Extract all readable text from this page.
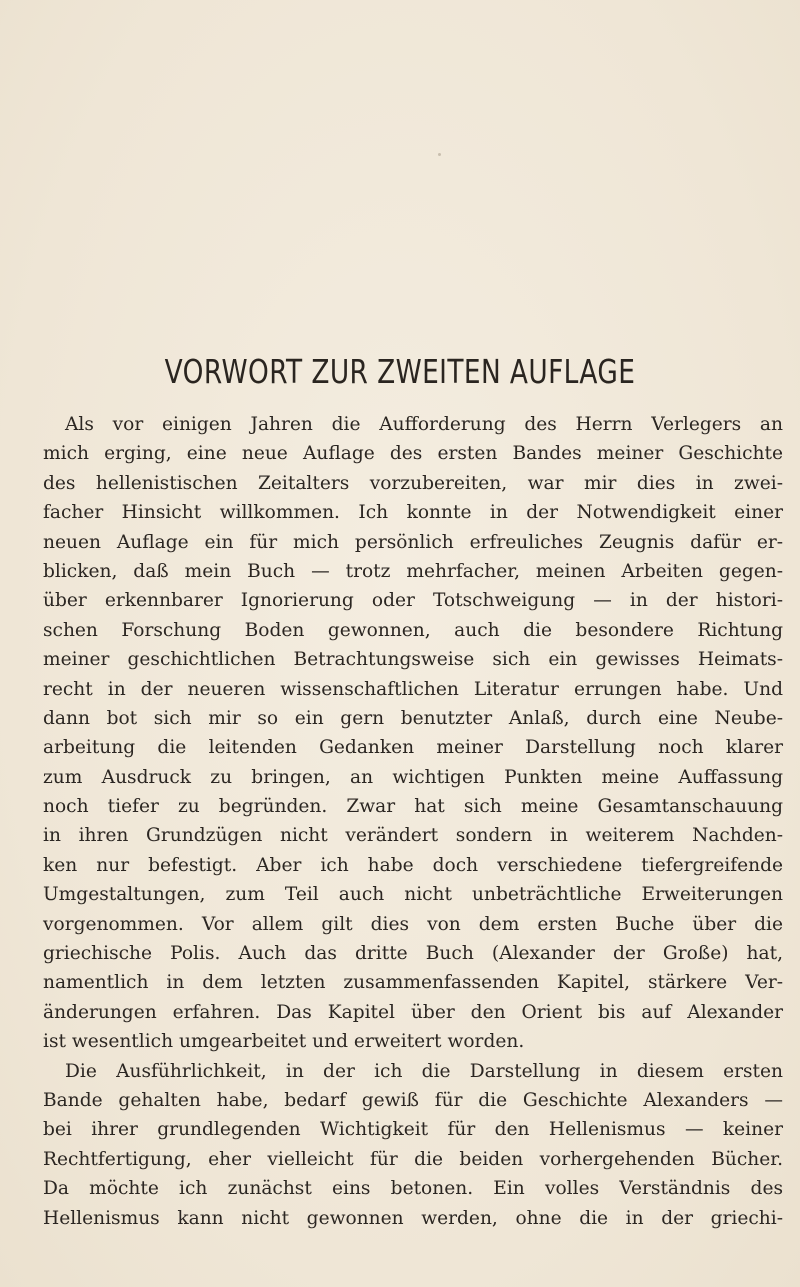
VORWORT ZUR ZWEITEN AUFLAGE
Als vor einigen Jahren die Aufforderung des Herrn Verlegers an
mich erging, eine neue Auflage des ersten Bandes meiner Geschichte
des hellenistischen Zeitalters vorzubereiten, war mir dies in zwei-
facher Hinsicht willkommen. Ich konnte in der Notwendigkeit einer
neuen Auflage ein für mich persönlich erfreuliches Zeugnis dafür er-
blicken, daß mein Buch — trotz mehrfacher, meinen Arbeiten gegen-
über erkennbarer Ignorierung oder Totschweigung — in der histori-
schen Forschung Boden gewonnen, auch die besondere Richtung
meiner geschichtlichen Betrachtungsweise sich ein gewisses Heimats-
recht in der neueren wissenschaftlichen Literatur errungen habe. Und
dann bot sich mir so ein gern benutzter Anlaß, durch eine Neube-
arbeitung die leitenden Gedanken meiner Darstellung noch klarer
zum Ausdruck zu bringen, an wichtigen Punkten meine Auffassung
noch tiefer zu begründen. Zwar hat sich meine Gesamtanschauung
in ihren Grundzügen nicht verändert sondern in weiterem Nachden-
ken nur befestigt. Aber ich habe doch verschiedene tiefergreifende
Umgestaltungen, zum Teil auch nicht unbeträchtliche Erweiterungen
vorgenommen. Vor allem gilt dies von dem ersten Buche über die
griechische Polis. Auch das dritte Buch (Alexander der Große) hat,
namentlich in dem letzten zusammenfassenden Kapitel, stärkere Ver-
änderungen erfahren. Das Kapitel über den Orient bis auf Alexander
ist wesentlich umgearbeitet und erweitert worden.
Die Ausführlichkeit, in der ich die Darstellung in diesem ersten
Bande gehalten habe, bedarf gewiß für die Geschichte Alexanders —
bei ihrer grundlegenden Wichtigkeit für den Hellenismus — keiner
Rechtfertigung, eher vielleicht für die beiden vorhergehenden Bücher.
Da möchte ich zunächst eins betonen. Ein volles Verständnis des
Hellenismus kann nicht gewonnen werden, ohne die in der griechi-
